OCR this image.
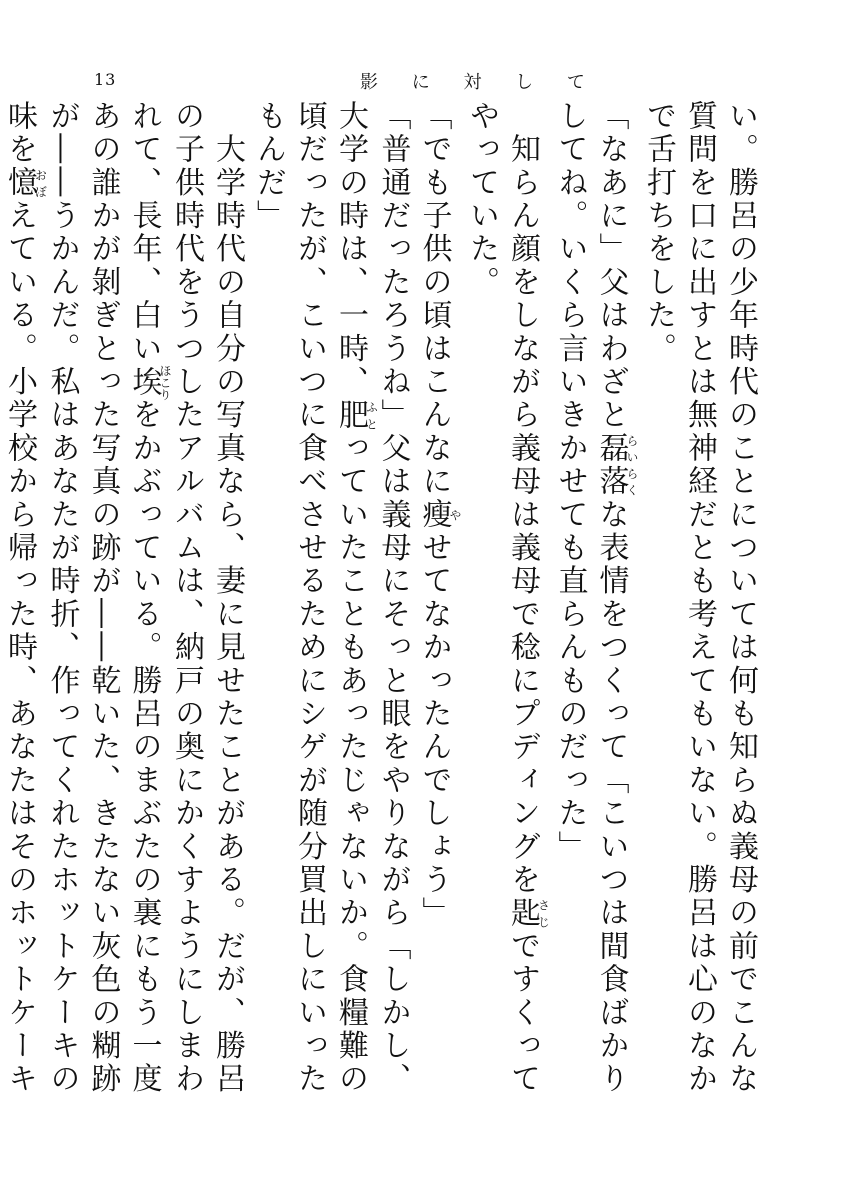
13	影 に 対 し て

い。勝呂の少年時代のことについては何も知らぬ義母の前でこんな質問を口に出すとは無神経だとも考えてもいない。勝呂は心のなかで舌打ちをした。

「なあに」父はわざと磊落らいらくな表情をつくって「こいつは間食ばかりしてね。いくら言いきかせても直らんものだった」

　知らん顔をしながら義母は義母で稔にプディングを匙さじですくってやっていた。

「でも子供の頃はこんなに瘦やせてなかったんでしょう」

「普通だったろうね」父は義母にそっと眼をやりながら「しかし、大学の時は、一時、肥ふとっていたこともあったじゃないか。食糧難の頃だったが、こいつに食べさせるためにシゲが随分買出しにいったもんだ」

　大学時代の自分の写真なら、妻に見せたことがある。だが、勝呂の子供時代をうつしたアルバムは、納戸の奥にかくすようにしまわれて、長年、白い埃ほこりをかぶっている。勝呂のまぶたの裏にもう一度あの誰かが剝ぎとった写真の跡が――乾いた、きたない灰色の糊跡が――うかんだ。私はあなたが時折、作ってくれたホットケーキの味を憶おぼえている。小学校から帰った時、あなたはそのホットケーキ
